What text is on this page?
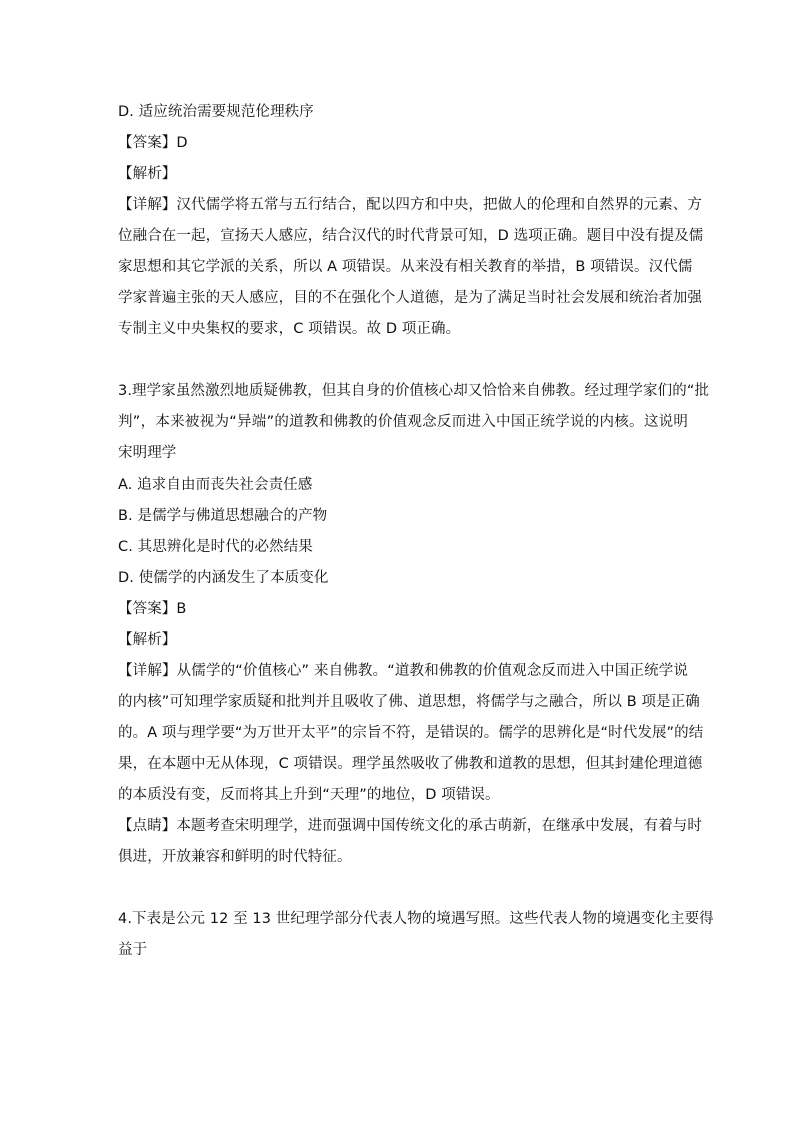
D. 适应统治需要规范伦理秩序
【答案】D
【解析】
【详解】汉代儒学将五常与五行结合，配以四方和中央，把做人的伦理和自然界的元素、方
位融合在一起，宣扬天人感应，结合汉代的时代背景可知，D 选项正确。题目中没有提及儒
家思想和其它学派的关系，所以 A 项错误。从来没有相关教育的举措，B 项错误。汉代儒
学家普遍主张的天人感应，目的不在强化个人道德，是为了满足当时社会发展和统治者加强
专制主义中央集权的要求，C 项错误。故 D 项正确。
3.理学家虽然激烈地质疑佛教，但其自身的价值核心却又恰恰来自佛教。经过理学家们的“批
判”，本来被视为“异端”的道教和佛教的价值观念反而进入中国正统学说的内核。这说明
宋明理学
A. 追求自由而丧失社会责任感
B. 是儒学与佛道思想融合的产物
C. 其思辨化是时代的必然结果
D. 使儒学的内涵发生了本质变化
【答案】B
【解析】
【详解】从儒学的“价值核心” 来自佛教。“道教和佛教的价值观念反而进入中国正统学说
的内核”可知理学家质疑和批判并且吸收了佛、道思想，将儒学与之融合，所以 B 项是正确
的。A 项与理学要“为万世开太平”的宗旨不符，是错误的。儒学的思辨化是“时代发展”的结
果，在本题中无从体现，C 项错误。理学虽然吸收了佛教和道教的思想，但其封建伦理道德
的本质没有变，反而将其上升到“天理”的地位，D 项错误。
【点睛】本题考查宋明理学，进而强调中国传统文化的承古萌新，在继承中发展，有着与时
俱进，开放兼容和鲜明的时代特征。
4.下表是公元 12 至 13 世纪理学部分代表人物的境遇写照。这些代表人物的境遇变化主要得
益于
